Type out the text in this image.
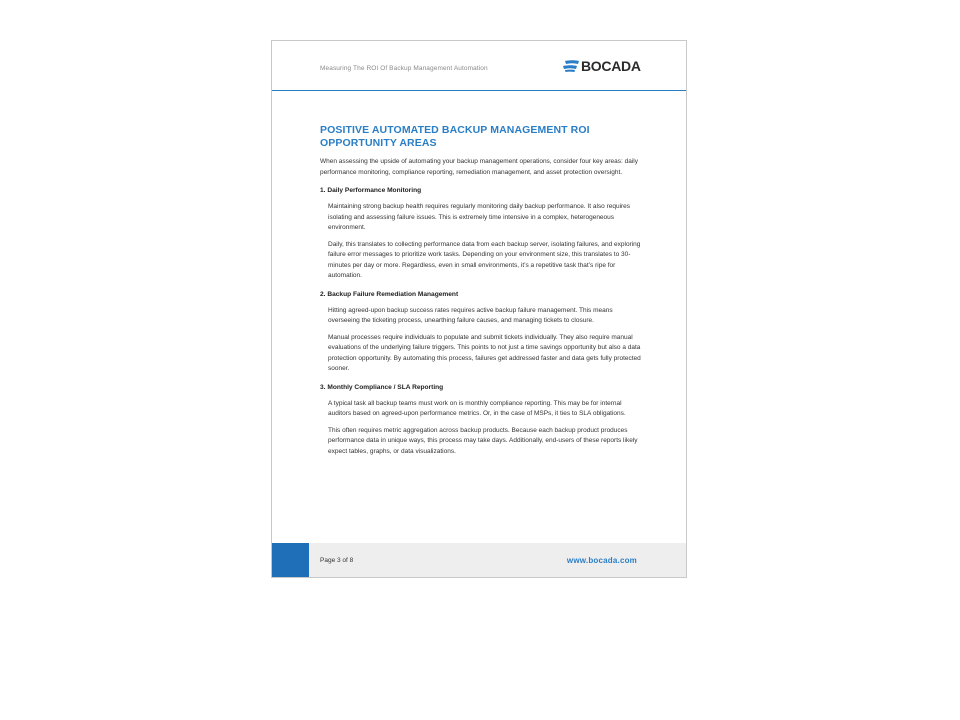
Measuring The ROI Of Backup Management Automation	BOCADA
POSITIVE AUTOMATED BACKUP MANAGEMENT ROI OPPORTUNITY AREAS

When assessing the upside of automating your backup management operations, consider four key areas: daily performance monitoring, compliance reporting, remediation management, and asset protection oversight.

1. Daily Performance Monitoring

Maintaining strong backup health requires regularly monitoring daily backup performance. It also requires isolating and assessing failure issues. This is extremely time intensive in a complex, heterogeneous environment.

Daily, this translates to collecting performance data from each backup server, isolating failures, and exploring failure error messages to prioritize work tasks. Depending on your environment size, this translates to 30-minutes per day or more. Regardless, even in small environments, it’s a repetitive task that’s ripe for automation.

2. Backup Failure Remediation Management

Hitting agreed-upon backup success rates requires active backup failure management. This means overseeing the ticketing process, unearthing failure causes, and managing tickets to closure.

Manual processes require individuals to populate and submit tickets individually. They also require manual evaluations of the underlying failure triggers. This points to not just a time savings opportunity but also a data protection opportunity. By automating this process, failures get addressed faster and data gets fully protected sooner.

3. Monthly Compliance / SLA Reporting

A typical task all backup teams must work on is monthly compliance reporting. This may be for internal auditors based on agreed-upon performance metrics. Or, in the case of MSPs, it ties to SLA obligations.

This often requires metric aggregation across backup products. Because each backup product produces performance data in unique ways, this process may take days. Additionally, end-users of these reports likely expect tables, graphs, or data visualizations.

Page 3 of 8	www.bocada.com
